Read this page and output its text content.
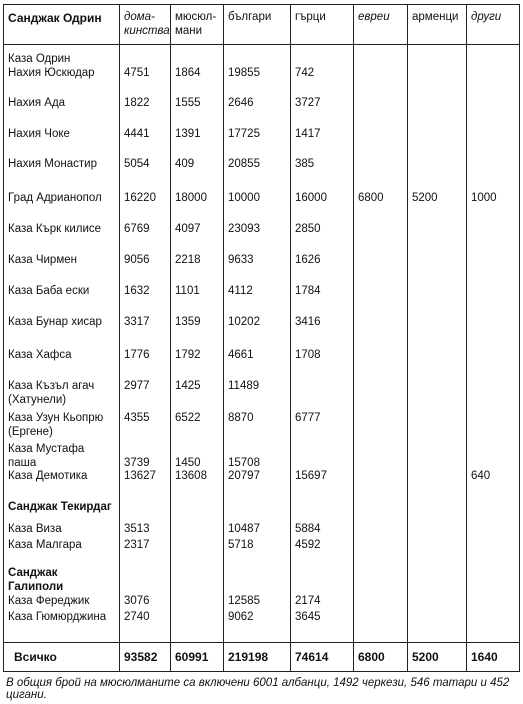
Санджак Одрин	дома- кинства	мюсюл- мани	българи	гърци	евреи	арменци	други
Каза Одрин							
Нахия Юскюдар	4751	1864	19855	742			
Нахия Ада	1822	1555	2646	3727			
Нахия Чоке	4441	1391	17725	1417			
Нахия Монастир	5054	409	20855	385			
Град Адрианопол	16220	18000	10000	16000	6800	5200	1000
Каза Кърк килисе	6769	4097	23093	2850			
Каза Чирмен	9056	2218	9633	1626			
Каза Баба ески	1632	1101	4112	1784			
Каза Бунар хисар	3317	1359	10202	3416			
Каза Хафса	1776	1792	4661	1708			
Каза Къзъл агач (Хатунели)	2977	1425	11489				
Каза Узун Кьопрю (Ергене)	4355	6522	8870	6777			
Каза Мустафа паша	3739	1450	15708				
Каза Демотика	13627	13608	20797	15697			640
Санджак Текирдаг							
Каза Виза	3513		10487	5884			
Каза Малгара	2317		5718	4592			
Санджак Галиполи							
Каза Фереджик	3076		12585	2174			
Каза Гюмюрджина	2740		9062	3645			
Всичко	93582	60991	219198	74614	6800	5200	1640
В общия брой на мюсюлманите са включени 6001 албанци, 1492 черкези, 546 татари и 452 цигани.
